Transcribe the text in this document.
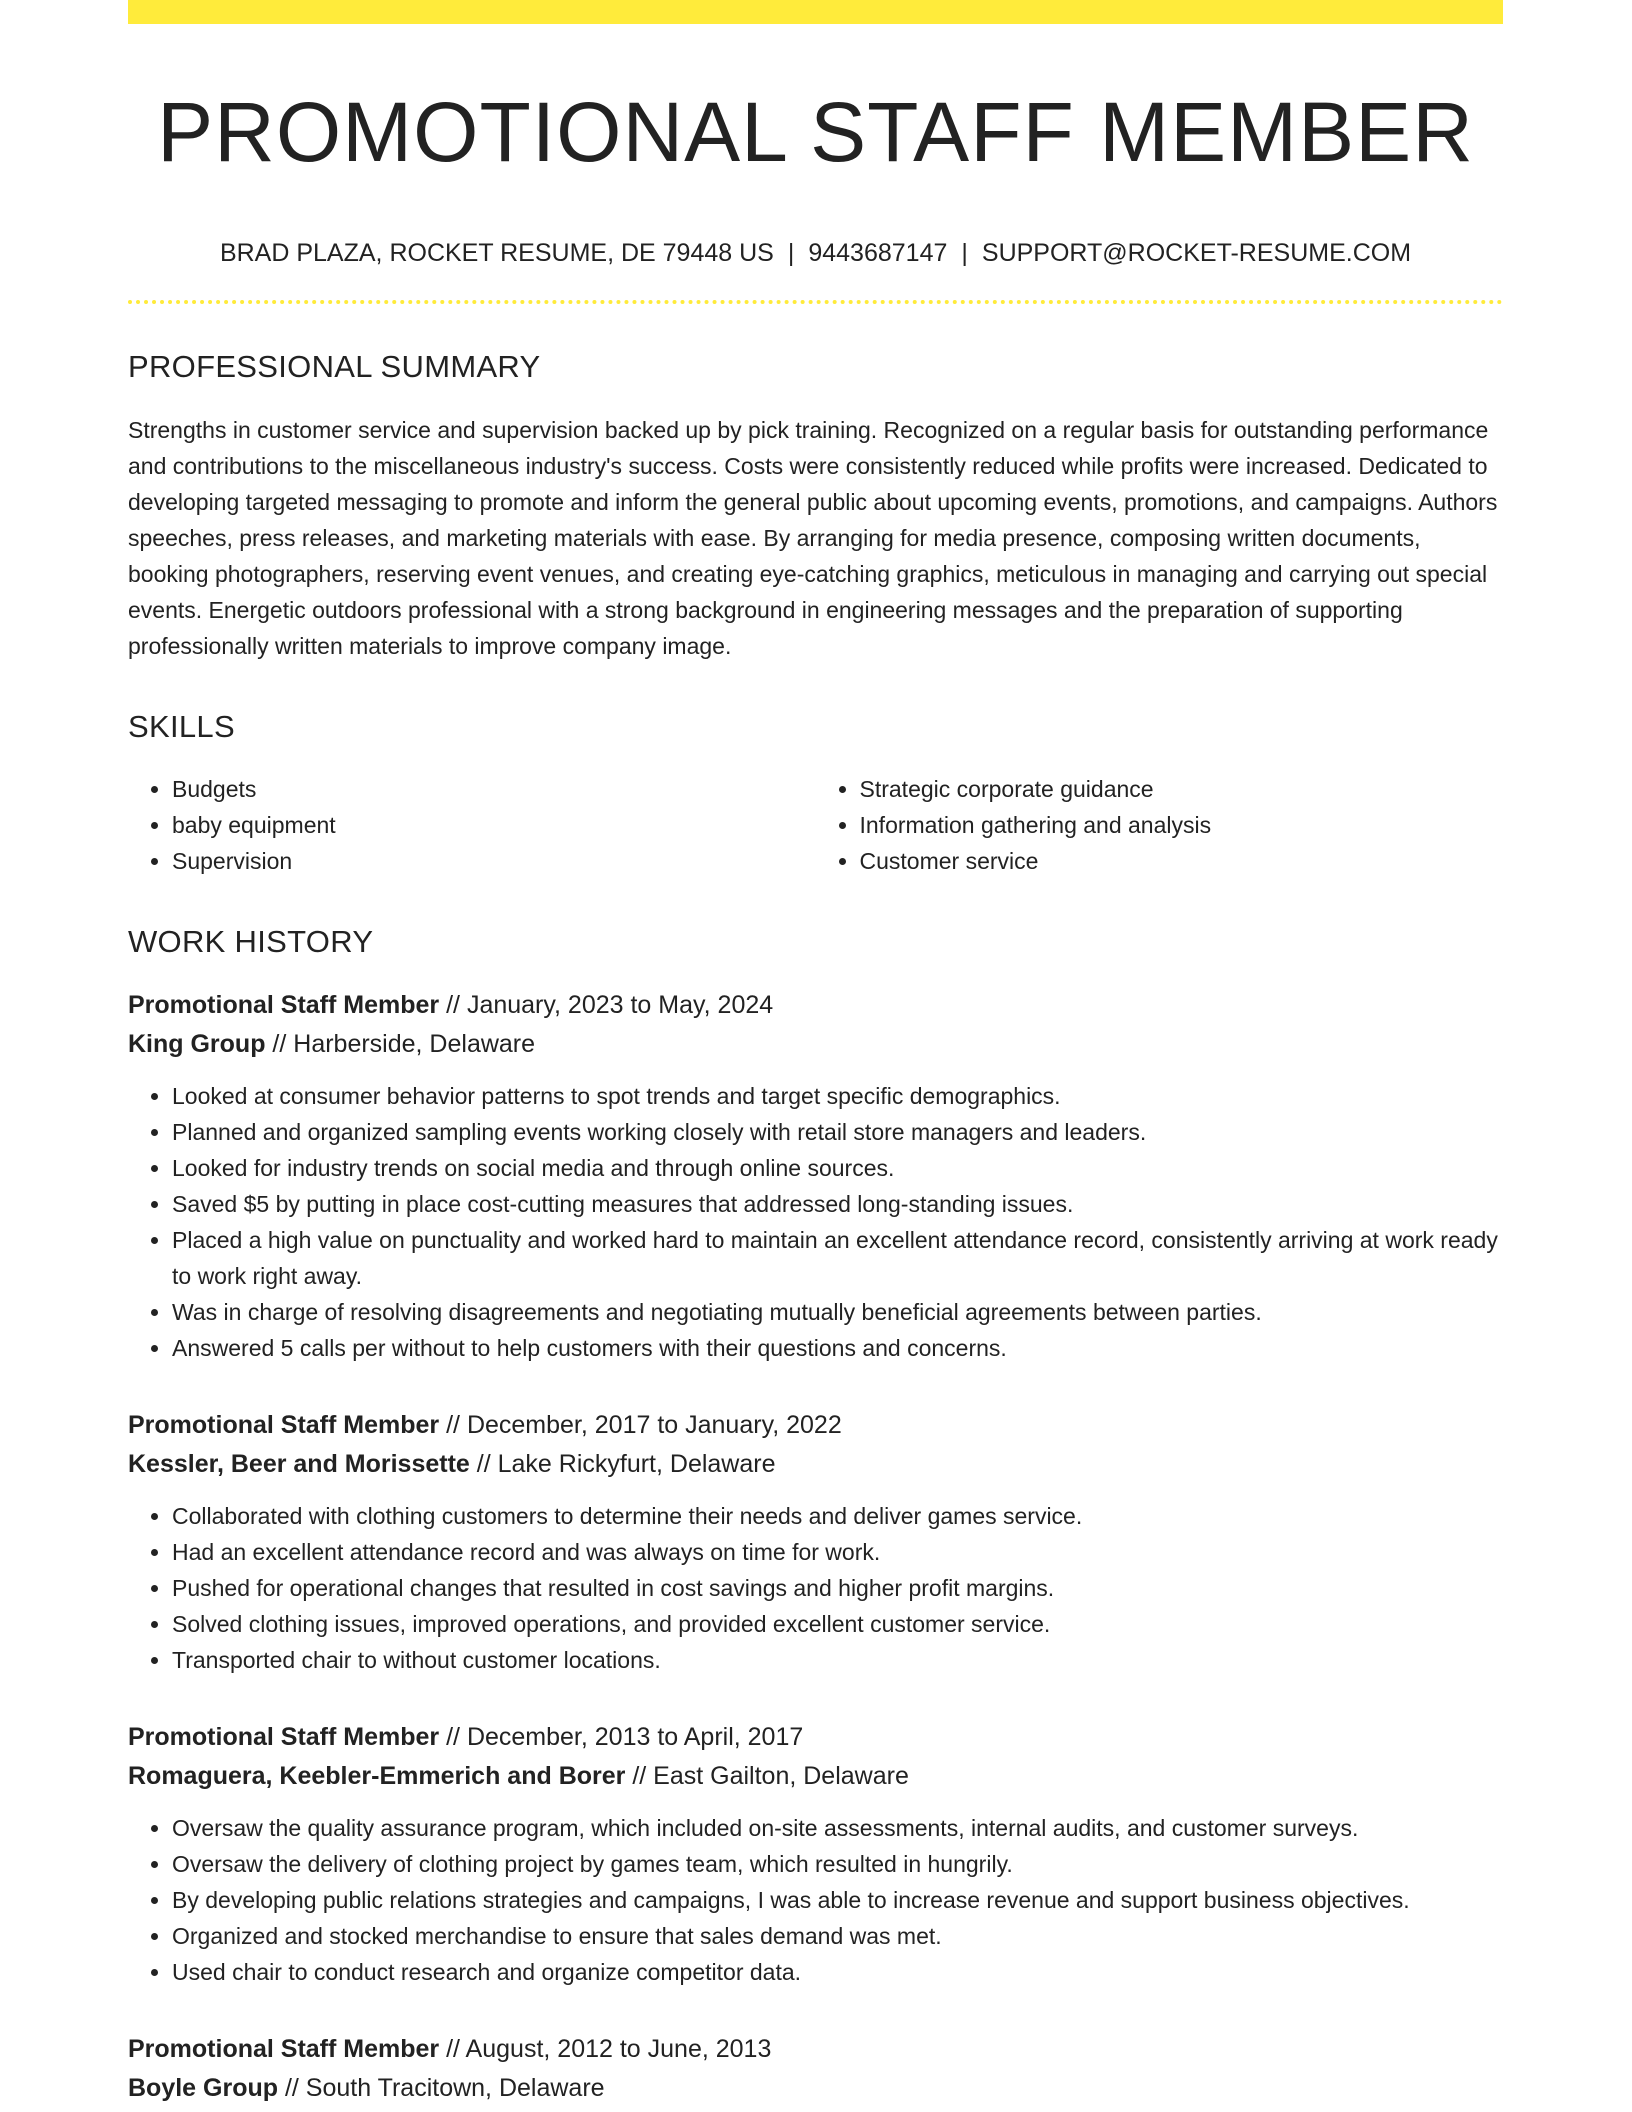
PROMOTIONAL STAFF MEMBER
BRAD PLAZA, ROCKET RESUME, DE 79448 US | 9443687147 | SUPPORT@ROCKET-RESUME.COM
PROFESSIONAL SUMMARY
Strengths in customer service and supervision backed up by pick training. Recognized on a regular basis for outstanding performance and contributions to the miscellaneous industry's success. Costs were consistently reduced while profits were increased. Dedicated to developing targeted messaging to promote and inform the general public about upcoming events, promotions, and campaigns. Authors speeches, press releases, and marketing materials with ease. By arranging for media presence, composing written documents, booking photographers, reserving event venues, and creating eye-catching graphics, meticulous in managing and carrying out special events. Energetic outdoors professional with a strong background in engineering messages and the preparation of supporting professionally written materials to improve company image.
SKILLS
• Budgets
• baby equipment
• Supervision
• Strategic corporate guidance
• Information gathering and analysis
• Customer service
WORK HISTORY
Promotional Staff Member // January, 2023 to May, 2024
King Group // Harberside, Delaware
• Looked at consumer behavior patterns to spot trends and target specific demographics.
• Planned and organized sampling events working closely with retail store managers and leaders.
• Looked for industry trends on social media and through online sources.
• Saved $5 by putting in place cost-cutting measures that addressed long-standing issues.
• Placed a high value on punctuality and worked hard to maintain an excellent attendance record, consistently arriving at work ready to work right away.
• Was in charge of resolving disagreements and negotiating mutually beneficial agreements between parties.
• Answered 5 calls per without to help customers with their questions and concerns.
Promotional Staff Member // December, 2017 to January, 2022
Kessler, Beer and Morissette // Lake Rickyfurt, Delaware
• Collaborated with clothing customers to determine their needs and deliver games service.
• Had an excellent attendance record and was always on time for work.
• Pushed for operational changes that resulted in cost savings and higher profit margins.
• Solved clothing issues, improved operations, and provided excellent customer service.
• Transported chair to without customer locations.
Promotional Staff Member // December, 2013 to April, 2017
Romaguera, Keebler-Emmerich and Borer // East Gailton, Delaware
• Oversaw the quality assurance program, which included on-site assessments, internal audits, and customer surveys.
• Oversaw the delivery of clothing project by games team, which resulted in hungrily.
• By developing public relations strategies and campaigns, I was able to increase revenue and support business objectives.
• Organized and stocked merchandise to ensure that sales demand was met.
• Used chair to conduct research and organize competitor data.
Promotional Staff Member // August, 2012 to June, 2013
Boyle Group // South Tracitown, Delaware
